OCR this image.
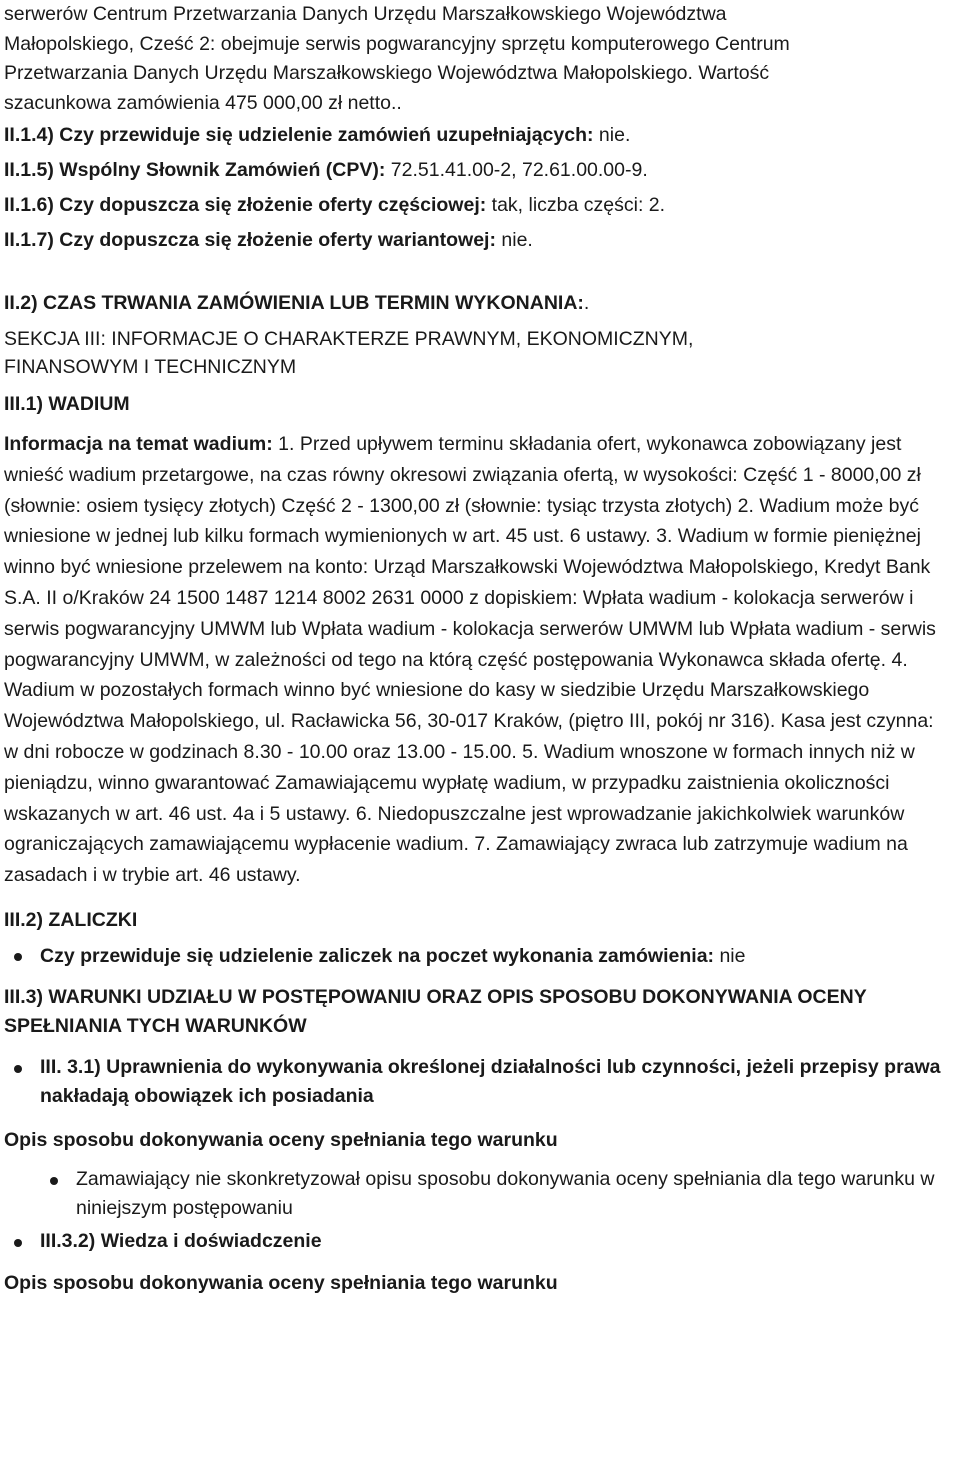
serwerów Centrum Przetwarzania Danych Urzędu Marszałkowskiego Województwa

Małopolskiego, Cześć 2: obejmuje serwis pogwarancyjny sprzętu komputerowego Centrum

Przetwarzania Danych Urzędu Marszałkowskiego Województwa Małopolskiego. Wartość

szacunkowa zamówienia 475 000,00 zł netto..

II.1.4) Czy przewiduje się udzielenie zamówień uzupełniających: nie.
II.1.5) Wspólny Słownik Zamówień (CPV): 72.51.41.00-2, 72.61.00.00-9.
II.1.6) Czy dopuszcza się złożenie oferty częściowej: tak, liczba części: 2.
II.1.7) Czy dopuszcza się złożenie oferty wariantowej: nie.
II.2) CZAS TRWANIA ZAMÓWIENIA LUB TERMIN WYKONANIA:.
SEKCJA III: INFORMACJE O CHARAKTERZE PRAWNYM, EKONOMICZNYM,
FINANSOWYM I TECHNICZNYM
III.1) WADIUM
Informacja na temat wadium: 1. Przed upływem terminu składania ofert, wykonawca zobowiązany jest wnieść wadium przetargowe, na czas równy okresowi związania ofertą, w wysokości: Część 1 - 8000,00 zł (słownie: osiem tysięcy złotych) Część 2 - 1300,00 zł (słownie: tysiąc trzysta złotych) 2. Wadium może być wniesione w jednej lub kilku formach wymienionych w art. 45 ust. 6 ustawy. 3. Wadium w formie pieniężnej winno być wniesione przelewem na konto: Urząd Marszałkowski Województwa Małopolskiego, Kredyt Bank S.A. II o/Kraków 24 1500 1487 1214 8002 2631 0000 z dopiskiem: Wpłata wadium - kolokacja serwerów i serwis pogwarancyjny UMWM lub Wpłata wadium - kolokacja serwerów UMWM lub Wpłata wadium - serwis pogwarancyjny UMWM, w zależności od tego na którą część postępowania Wykonawca składa ofertę. 4. Wadium w pozostałych formach winno być wniesione do kasy w siedzibie Urzędu Marszałkowskiego Województwa Małopolskiego, ul. Racławicka 56, 30-017 Kraków, (piętro III, pokój nr 316). Kasa jest czynna: w dni robocze w godzinach 8.30 - 10.00 oraz 13.00 - 15.00. 5. Wadium wnoszone w formach innych niż w pieniądzu, winno gwarantować Zamawiającemu wypłatę wadium, w przypadku zaistnienia okoliczności wskazanych w art. 46 ust. 4a i 5 ustawy. 6. Niedopuszczalne jest wprowadzanie jakichkolwiek warunków ograniczających zamawiającemu wypłacenie wadium. 7. Zamawiający zwraca lub zatrzymuje wadium na zasadach i w trybie art. 46 ustawy.
III.2) ZALICZKI
Czy przewiduje się udzielenie zaliczek na poczet wykonania zamówienia: nie
III.3) WARUNKI UDZIAŁU W POSTĘPOWANIU ORAZ OPIS SPOSOBU DOKONYWANIA OCENY SPEŁNIANIA TYCH WARUNKÓW
III. 3.1) Uprawnienia do wykonywania określonej działalności lub czynności, jeżeli przepisy prawa nakładają obowiązek ich posiadania
Opis sposobu dokonywania oceny spełniania tego warunku
Zamawiający nie skonkretyzował opisu sposobu dokonywania oceny spełniania dla tego warunku w niniejszym postępowaniu
III.3.2) Wiedza i doświadczenie
Opis sposobu dokonywania oceny spełniania tego warunku
